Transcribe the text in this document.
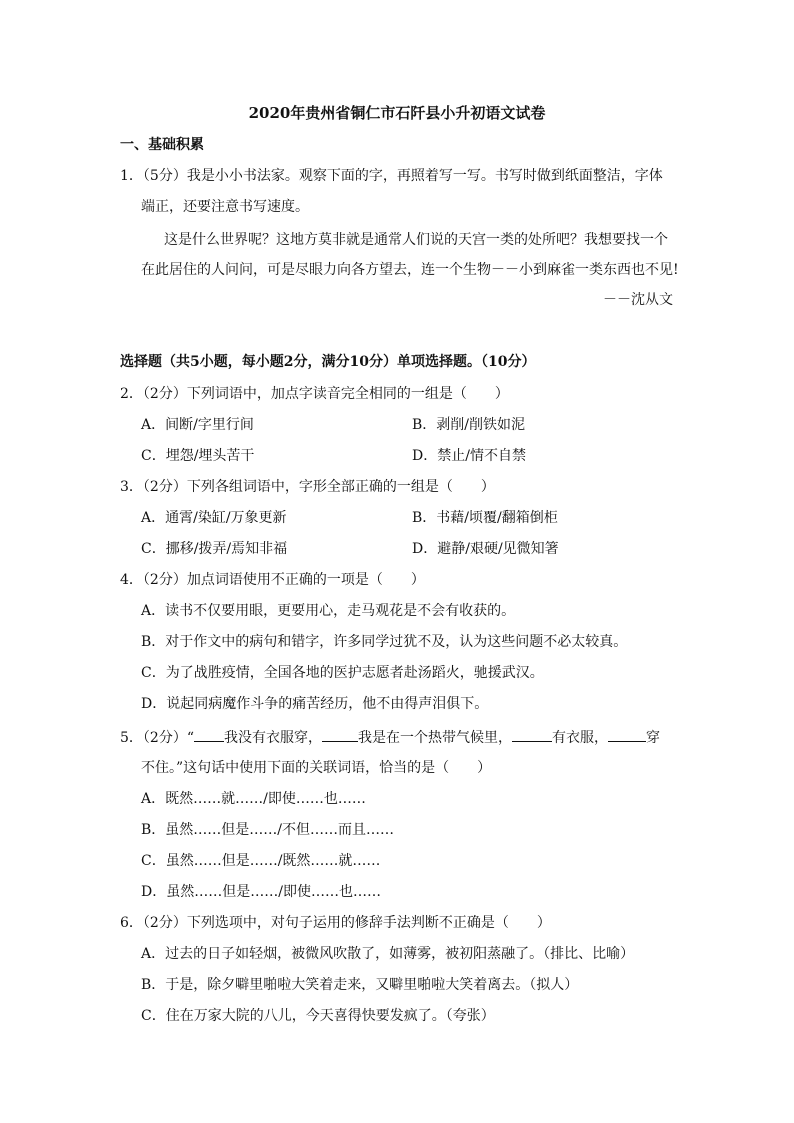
2020年贵州省铜仁市石阡县小升初语文试卷
一、基础积累
1．（5分）我是小小书法家。观察下面的字，再照着写一写。书写时做到纸面整洁，字体
端正，还要注意书写速度。
这是什么世界呢？这地方莫非就是通常人们说的天宫一类的处所吧？我想要找一个
在此居住的人问问，可是尽眼力向各方望去，连一个生物－－小到麻雀一类东西也不见!
－－沈从文
选择题（共5小题，每小题2分，满分10分）单项选择题。（10分）
2．（2分）下列词语中，加点字读音完全相同的一组是（　　）
A．间断/字里行间	B．剥削/削铁如泥
C．埋怨/埋头苦干	D．禁止/情不自禁
3．（2分）下列各组词语中，字形全部正确的一组是（　　）
A．通霄/染缸/万象更新	B．书藉/顷覆/翻箱倒柜
C．挪移/拨弄/焉知非福	D．避静/艰硬/见微知箸
4．（2分）加点词语使用不正确的一项是（　　）
A．读书不仅要用眼，更要用心，走马观花是不会有收获的。
B．对于作文中的病句和错字，许多同学过犹不及，认为这些问题不必太较真。
C．为了战胜疫情，全国各地的医护志愿者赴汤蹈火，驰援武汉。
D．说起同病魔作斗争的痛苦经历，他不由得声泪俱下。
5．（2分）“ 我没有衣服穿，	我是在一个热带气候里，	有衣服，	穿
不住。”这句话中使用下面的关联词语，恰当的是（　　）
A．既然……就……/即使……也……
B．虽然……但是……/不但……而且……
C．虽然……但是……/既然……就……
D．虽然……但是……/即使……也……
6．（2分）下列选项中，对句子运用的修辞手法判断不正确是（　　）
A．过去的日子如轻烟，被微风吹散了，如薄雾，被初阳蒸融了。（排比、比喻）
B．于是，除夕噼里啪啦大笑着走来，又噼里啪啦大笑着离去。（拟人）
C．住在万家大院的八儿，今天喜得快要发疯了。（夸张）
